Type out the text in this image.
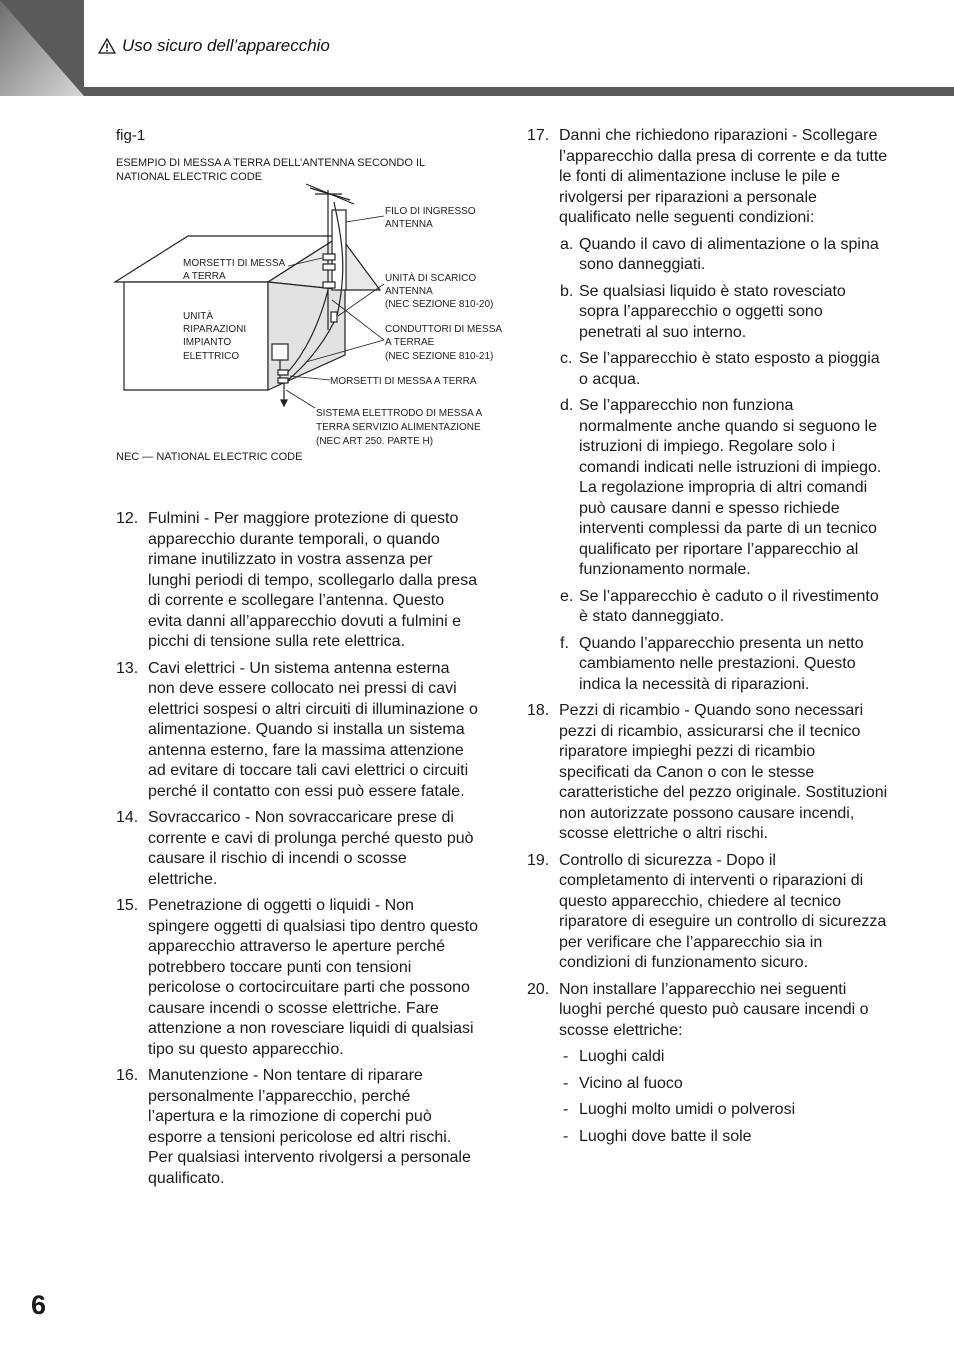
Uso sicuro dell’apparecchio
fig-1
ESEMPIO DI MESSA A TERRA DELL’ANTENNA SECONDO IL NATIONAL ELECTRIC CODE
FILO DI INGRESSO
ANTENNA
MORSETTI DI MESSA
A TERRA	UNITÀ DI SCARICO
ANTENNA
(NEC SEZIONE 810-20)
UNITÀ
RIPARAZIONI
IMPIANTO
ELETTRICO
CONDUTTORI DI MESSA
A TERRAE
(NEC SEZIONE 810-21)
MORSETTI DI MESSA A TERRA
SISTEMA ELETTRODO DI MESSA A
TERRA SERVIZIO ALIMENTAZIONE
(NEC ART 250. PARTE H)
NEC — NATIONAL ELECTRIC CODE
12. Fulmini - Per maggiore protezione di questo apparecchio durante temporali, o quando rimane inutilizzato in vostra assenza per lunghi periodi di tempo, scollegarlo dalla presa di corrente e scollegare l’antenna. Questo evita danni all’apparecchio dovuti a fulmini e picchi di tensione sulla rete elettrica.
13. Cavi elettrici - Un sistema antenna esterna non deve essere collocato nei pressi di cavi elettrici sospesi o altri circuiti di illuminazione o alimentazione. Quando si installa un sistema antenna esterno, fare la massima attenzione ad evitare di toccare tali cavi elettrici o circuiti perché il contatto con essi può essere fatale.
14. Sovraccarico - Non sovraccaricare prese di corrente e cavi di prolunga perché questo può causare il rischio di incendi o scosse elettriche.
15. Penetrazione di oggetti o liquidi - Non spingere oggetti di qualsiasi tipo dentro questo apparecchio attraverso le aperture perché potrebbero toccare punti con tensioni pericolose o cortocircuitare parti che possono causare incendi o scosse elettriche. Fare attenzione a non rovesciare liquidi di qualsiasi tipo su questo apparecchio.
16. Manutenzione - Non tentare di riparare personalmente l’apparecchio, perché l’apertura e la rimozione di coperchi può esporre a tensioni pericolose ed altri rischi. Per qualsiasi intervento rivolgersi a personale qualificato.
17. Danni che richiedono riparazioni - Scollegare l’apparecchio dalla presa di corrente e da tutte le fonti di alimentazione incluse le pile e rivolgersi per riparazioni a personale qualificato nelle seguenti condizioni:
a. Quando il cavo di alimentazione o la spina sono danneggiati.
b. Se qualsiasi liquido è stato rovesciato sopra l’apparecchio o oggetti sono penetrati al suo interno.
c. Se l’apparecchio è stato esposto a pioggia o acqua.
d. Se l’apparecchio non funziona normalmente anche quando si seguono le istruzioni di impiego. Regolare solo i comandi indicati nelle istruzioni di impiego. La regolazione impropria di altri comandi può causare danni e spesso richiede interventi complessi da parte di un tecnico qualificato per riportare l’apparecchio al funzionamento normale.
e. Se l’apparecchio è caduto o il rivestimento è stato danneggiato.
f. Quando l’apparecchio presenta un netto cambiamento nelle prestazioni. Questo indica la necessità di riparazioni.
18. Pezzi di ricambio - Quando sono necessari pezzi di ricambio, assicurarsi che il tecnico riparatore impieghi pezzi di ricambio specificati da Canon o con le stesse caratteristiche del pezzo originale. Sostituzioni non autorizzate possono causare incendi, scosse elettriche o altri rischi.
19. Controllo di sicurezza - Dopo il completamento di interventi o riparazioni di questo apparecchio, chiedere al tecnico riparatore di eseguire un controllo di sicurezza per verificare che l’apparecchio sia in condizioni di funzionamento sicuro.
20. Non installare l’apparecchio nei seguenti luoghi perché questo può causare incendi o scosse elettriche:
- Luoghi caldi
- Vicino al fuoco
- Luoghi molto umidi o polverosi
- Luoghi dove batte il sole
6
